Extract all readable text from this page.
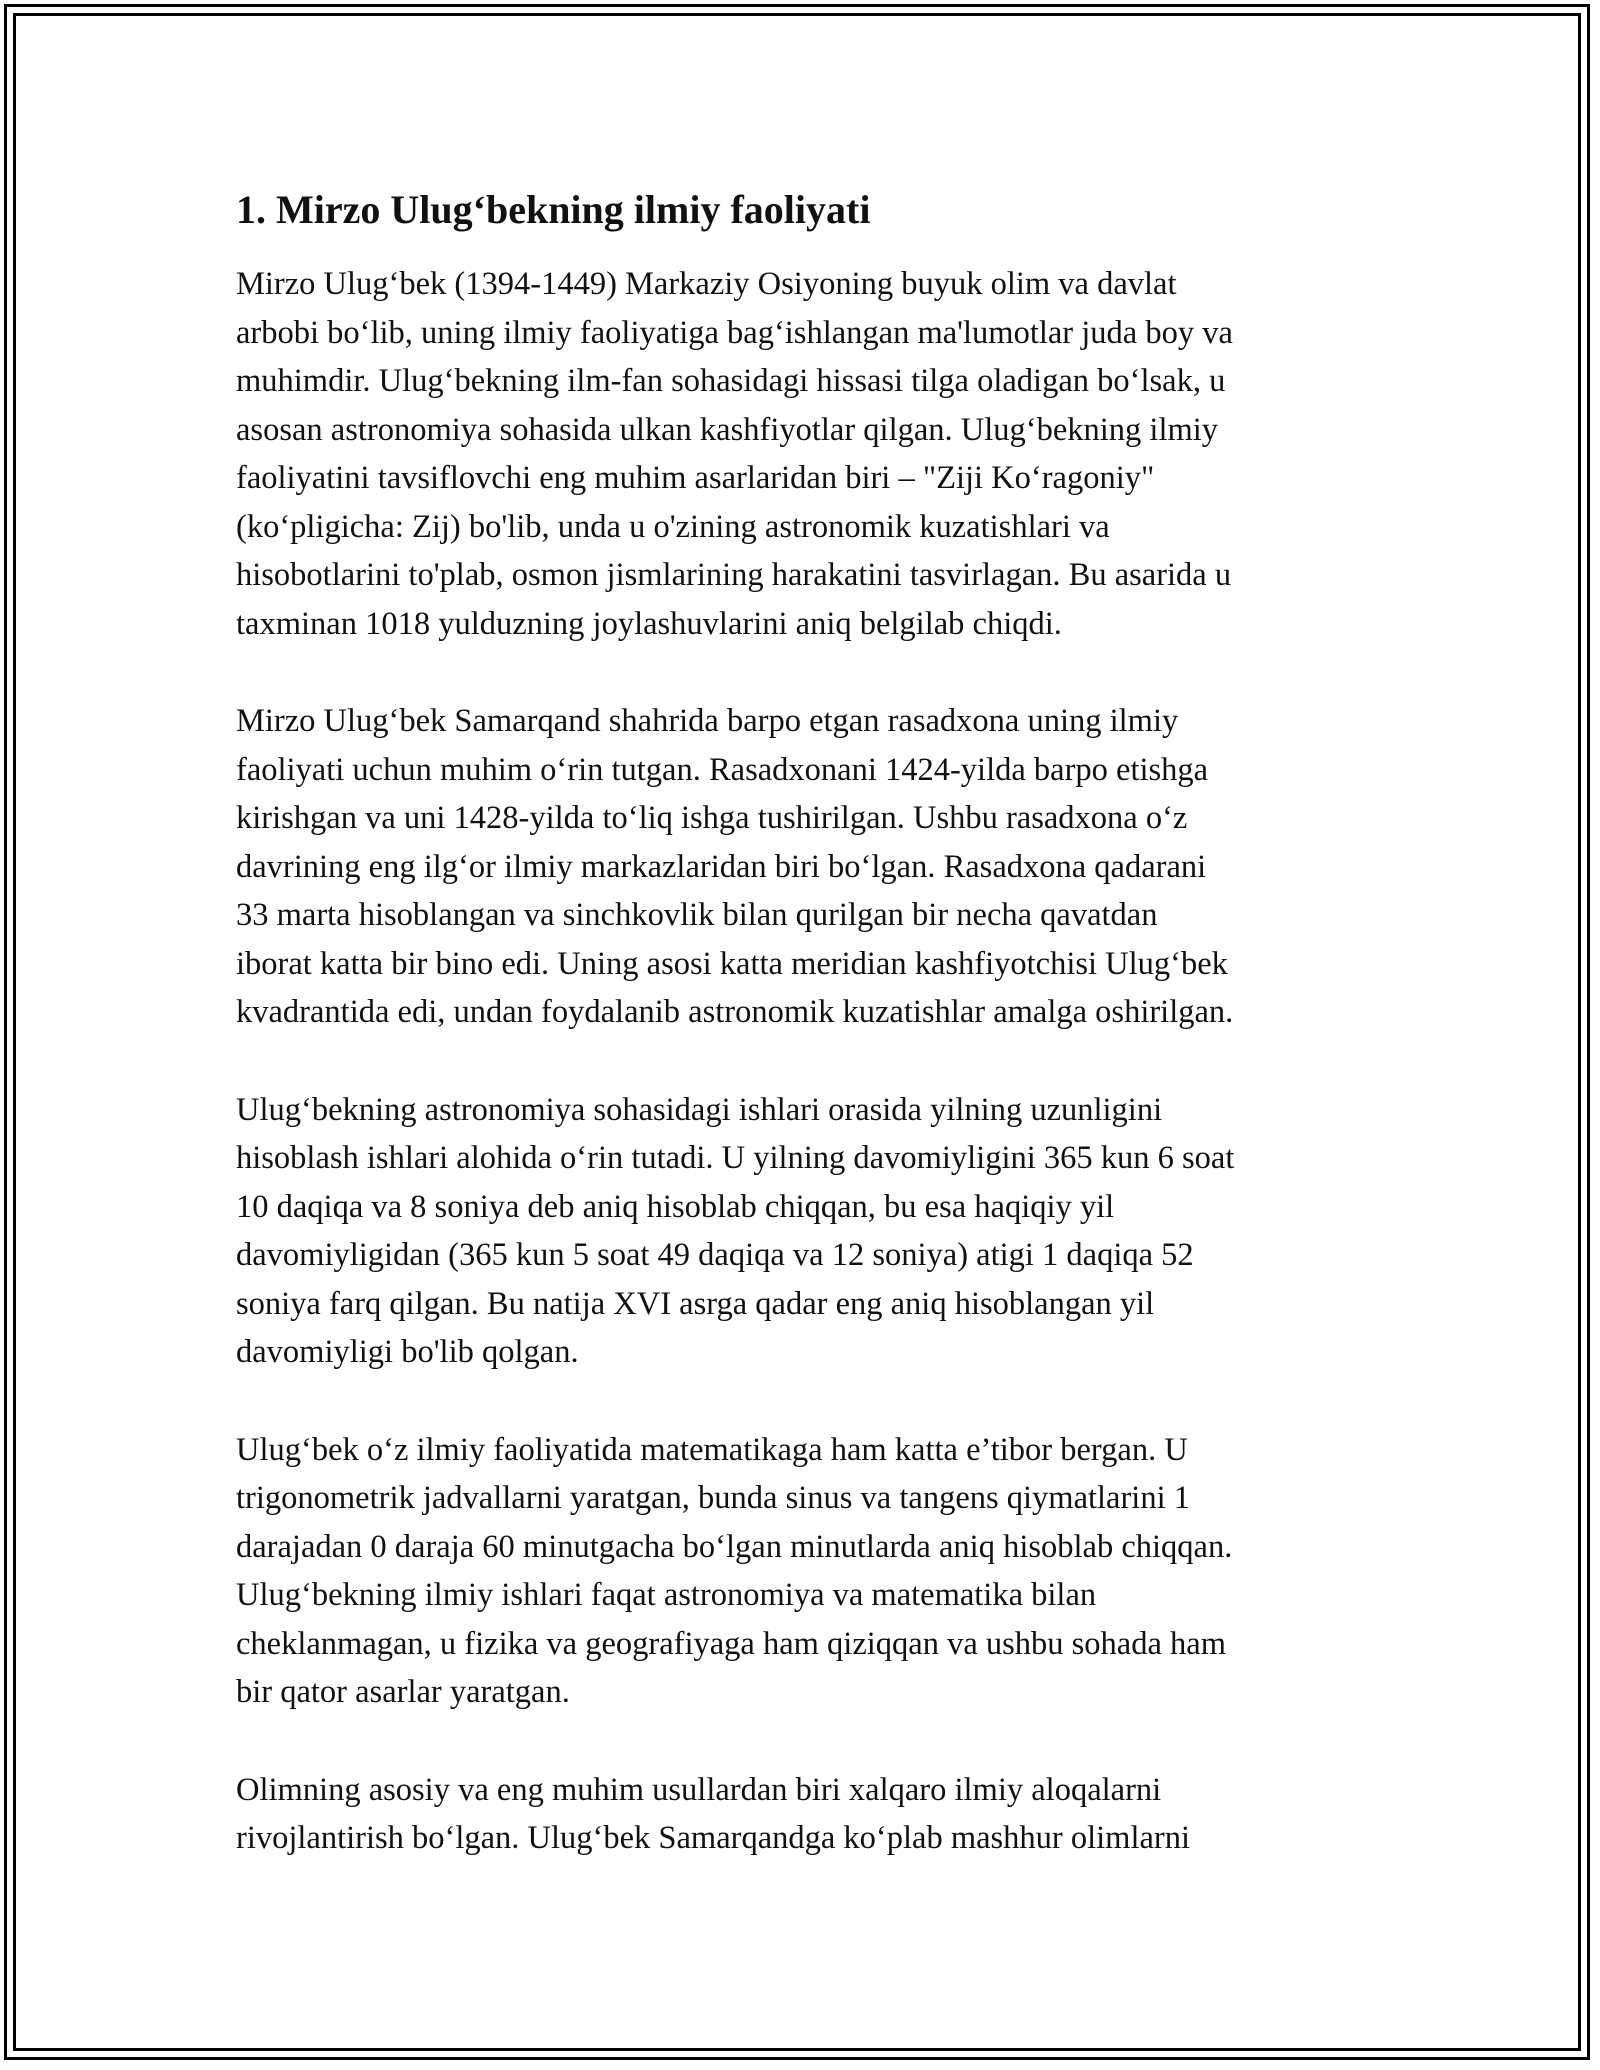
1. Mirzo Ulug‘bekning ilmiy faoliyati

Mirzo Ulug‘bek (1394-1449) Markaziy Osiyoning buyuk olim va davlat
arbobi bo‘lib, uning ilmiy faoliyatiga bag‘ishlangan ma'lumotlar juda boy va
muhimdir. Ulug‘bekning ilm-fan sohasidagi hissasi tilga oladigan bo‘lsak, u
asosan astronomiya sohasida ulkan kashfiyotlar qilgan. Ulug‘bekning ilmiy
faoliyatini tavsiflovchi eng muhim asarlaridan biri – "Ziji Ko‘ragoniy"
(ko‘pligicha: Zij) bo'lib, unda u o'zining astronomik kuzatishlari va
hisobotlarini to'plab, osmon jismlarining harakatini tasvirlagan. Bu asarida u
taxminan 1018 yulduzning joylashuvlarini aniq belgilab chiqdi.

Mirzo Ulug‘bek Samarqand shahrida barpo etgan rasadxona uning ilmiy
faoliyati uchun muhim o‘rin tutgan. Rasadxonani 1424-yilda barpo etishga
kirishgan va uni 1428-yilda to‘liq ishga tushirilgan. Ushbu rasadxona o‘z
davrining eng ilg‘or ilmiy markazlaridan biri bo‘lgan. Rasadxona qadarani
33 marta hisoblangan va sinchkovlik bilan qurilgan bir necha qavatdan
iborat katta bir bino edi. Uning asosi katta meridian kashfiyotchisi Ulug‘bek
kvadrantida edi, undan foydalanib astronomik kuzatishlar amalga oshirilgan.

Ulug‘bekning astronomiya sohasidagi ishlari orasida yilning uzunligini
hisoblash ishlari alohida o‘rin tutadi. U yilning davomiyligini 365 kun 6 soat
10 daqiqa va 8 soniya deb aniq hisoblab chiqqan, bu esa haqiqiy yil
davomiyligidan (365 kun 5 soat 49 daqiqa va 12 soniya) atigi 1 daqiqa 52
soniya farq qilgan. Bu natija XVI asrga qadar eng aniq hisoblangan yil
davomiyligi bo'lib qolgan.

Ulug‘bek o‘z ilmiy faoliyatida matematikaga ham katta e’tibor bergan. U
trigonometrik jadvallarni yaratgan, bunda sinus va tangens qiymatlarini 1
darajadan 0 daraja 60 minutgacha bo‘lgan minutlarda aniq hisoblab chiqqan.
Ulug‘bekning ilmiy ishlari faqat astronomiya va matematika bilan
cheklanmagan, u fizika va geografiyaga ham qiziqqan va ushbu sohada ham
bir qator asarlar yaratgan.

Olimning asosiy va eng muhim usullardan biri xalqaro ilmiy aloqalarni
rivojlantirish bo‘lgan. Ulug‘bek Samarqandga ko‘plab mashhur olimlarni
